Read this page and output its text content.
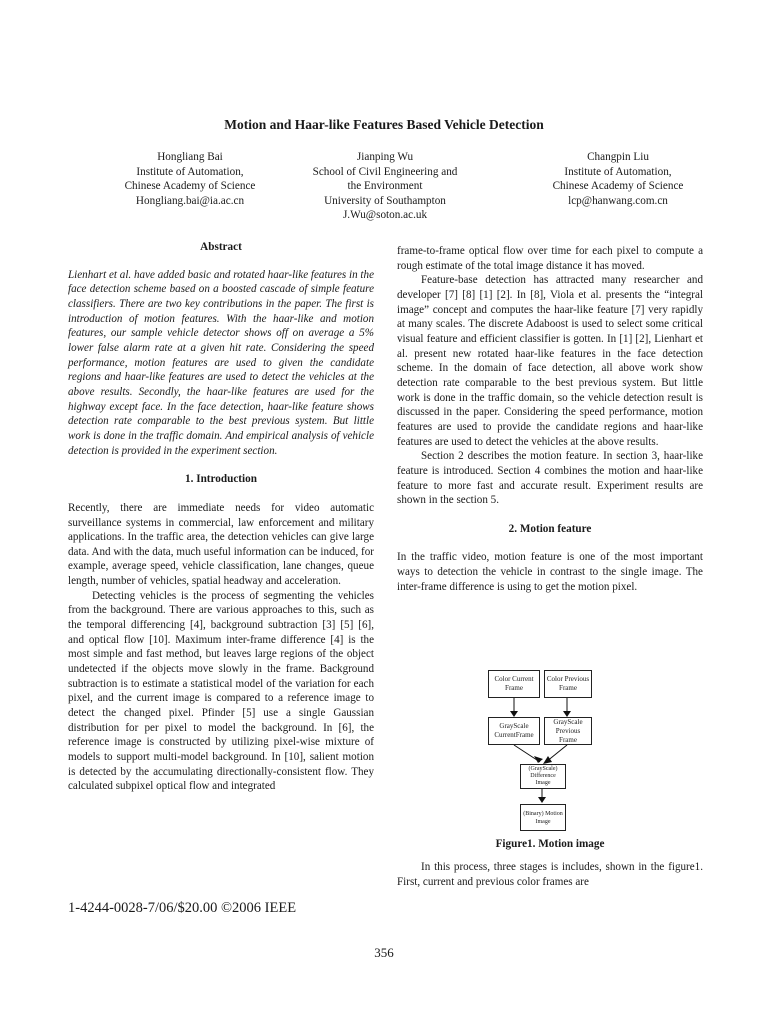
Motion and Haar-like Features Based Vehicle Detection
Hongliang Bai
Institute of Automation,
Chinese Academy of Science
Hongliang.bai@ia.ac.cn
Jianping Wu
School of Civil Engineering and
the Environment
University of Southampton
J.Wu@soton.ac.uk
Changpin Liu
Institute of Automation,
Chinese Academy of Science
lcp@hanwang.com.cn

Abstract

Lienhart et al. have added basic and rotated haar-like features in the face detection scheme based on a boosted cascade of simple feature classifiers. There are two key contributions in the paper. The first is introduction of motion features. With the haar-like and motion features, our sample vehicle detector shows off on average a 5% lower false alarm rate at a given hit rate. Considering the speed performance, motion features are used to given the candidate regions and haar-like features are used to detect the vehicles at the above results. Secondly, the haar-like features are used for the highway except face. In the face detection, haar-like feature shows detection rate comparable to the best previous system. But little work is done in the traffic domain. And empirical analysis of vehicle detection is provided in the experiment section.

1. Introduction

Recently, there are immediate needs for video automatic surveillance systems in commercial, law enforcement and military applications. In the traffic area, the detection vehicles can give large data. And with the data, much useful information can be induced, for example, average speed, vehicle classification, lane changes, queue length, number of vehicles, spatial headway and acceleration.

Detecting vehicles is the process of segmenting the vehicles from the background. There are various approaches to this, such as the temporal differencing [4], background subtraction [3] [5] [6], and optical flow [10]. Maximum inter-frame difference [4] is the most simple and fast method, but leaves large regions of the object undetected if the objects move slowly in the frame. Background subtraction is to estimate a statistical model of the variation for each pixel, and the current image is compared to a reference image to detect the changed pixel. Pfinder [5] use a single Gaussian distribution for per pixel to model the background. In [6], the reference image is constructed by utilizing pixel-wise mixture of models to support multi-model background. In [10], salient motion is detected by the accumulating directionally-consistent flow. They calculated subpixel optical flow and integrated

frame-to-frame optical flow over time for each pixel to compute a rough estimate of the total image distance it has moved.

Feature-base detection has attracted many researcher and developer [7] [8] [1] [2]. In [8], Viola et al. presents the “integral image” concept and computes the haar-like feature [7] very rapidly at many scales. The discrete Adaboost is used to select some critical visual feature and efficient classifier is gotten. In [1] [2], Lienhart et al. present new rotated haar-like features in the face detection scheme. In the domain of face detection, all above work show detection rate comparable to the best previous system. But little work is done in the traffic domain, so the vehicle detection result is discussed in the paper. Considering the speed performance, motion features are used to provide the candidate regions and haar-like features are used to detect the vehicles at the above results.

Section 2 describes the motion feature. In section 3, haar-like feature is introduced. Section 4 combines the motion and haar-like feature to more fast and accurate result. Experiment results are shown in the section 5.

2. Motion feature

In the traffic video, motion feature is one of the most important ways to detection the vehicle in contrast to the single image. The inter-frame difference is using to get the motion pixel.

Color Current Frame
Color Previous Frame
GrayScale CurrentFrame
GrayScale Previous Frame
(GrayScale) Difference Image
(Binary) Motion Image
Figure1. Motion image

In this process, three stages is includes, shown in the figure1. First, current and previous color frames are

1-4244-0028-7/06/$20.00 ©2006 IEEE
356
